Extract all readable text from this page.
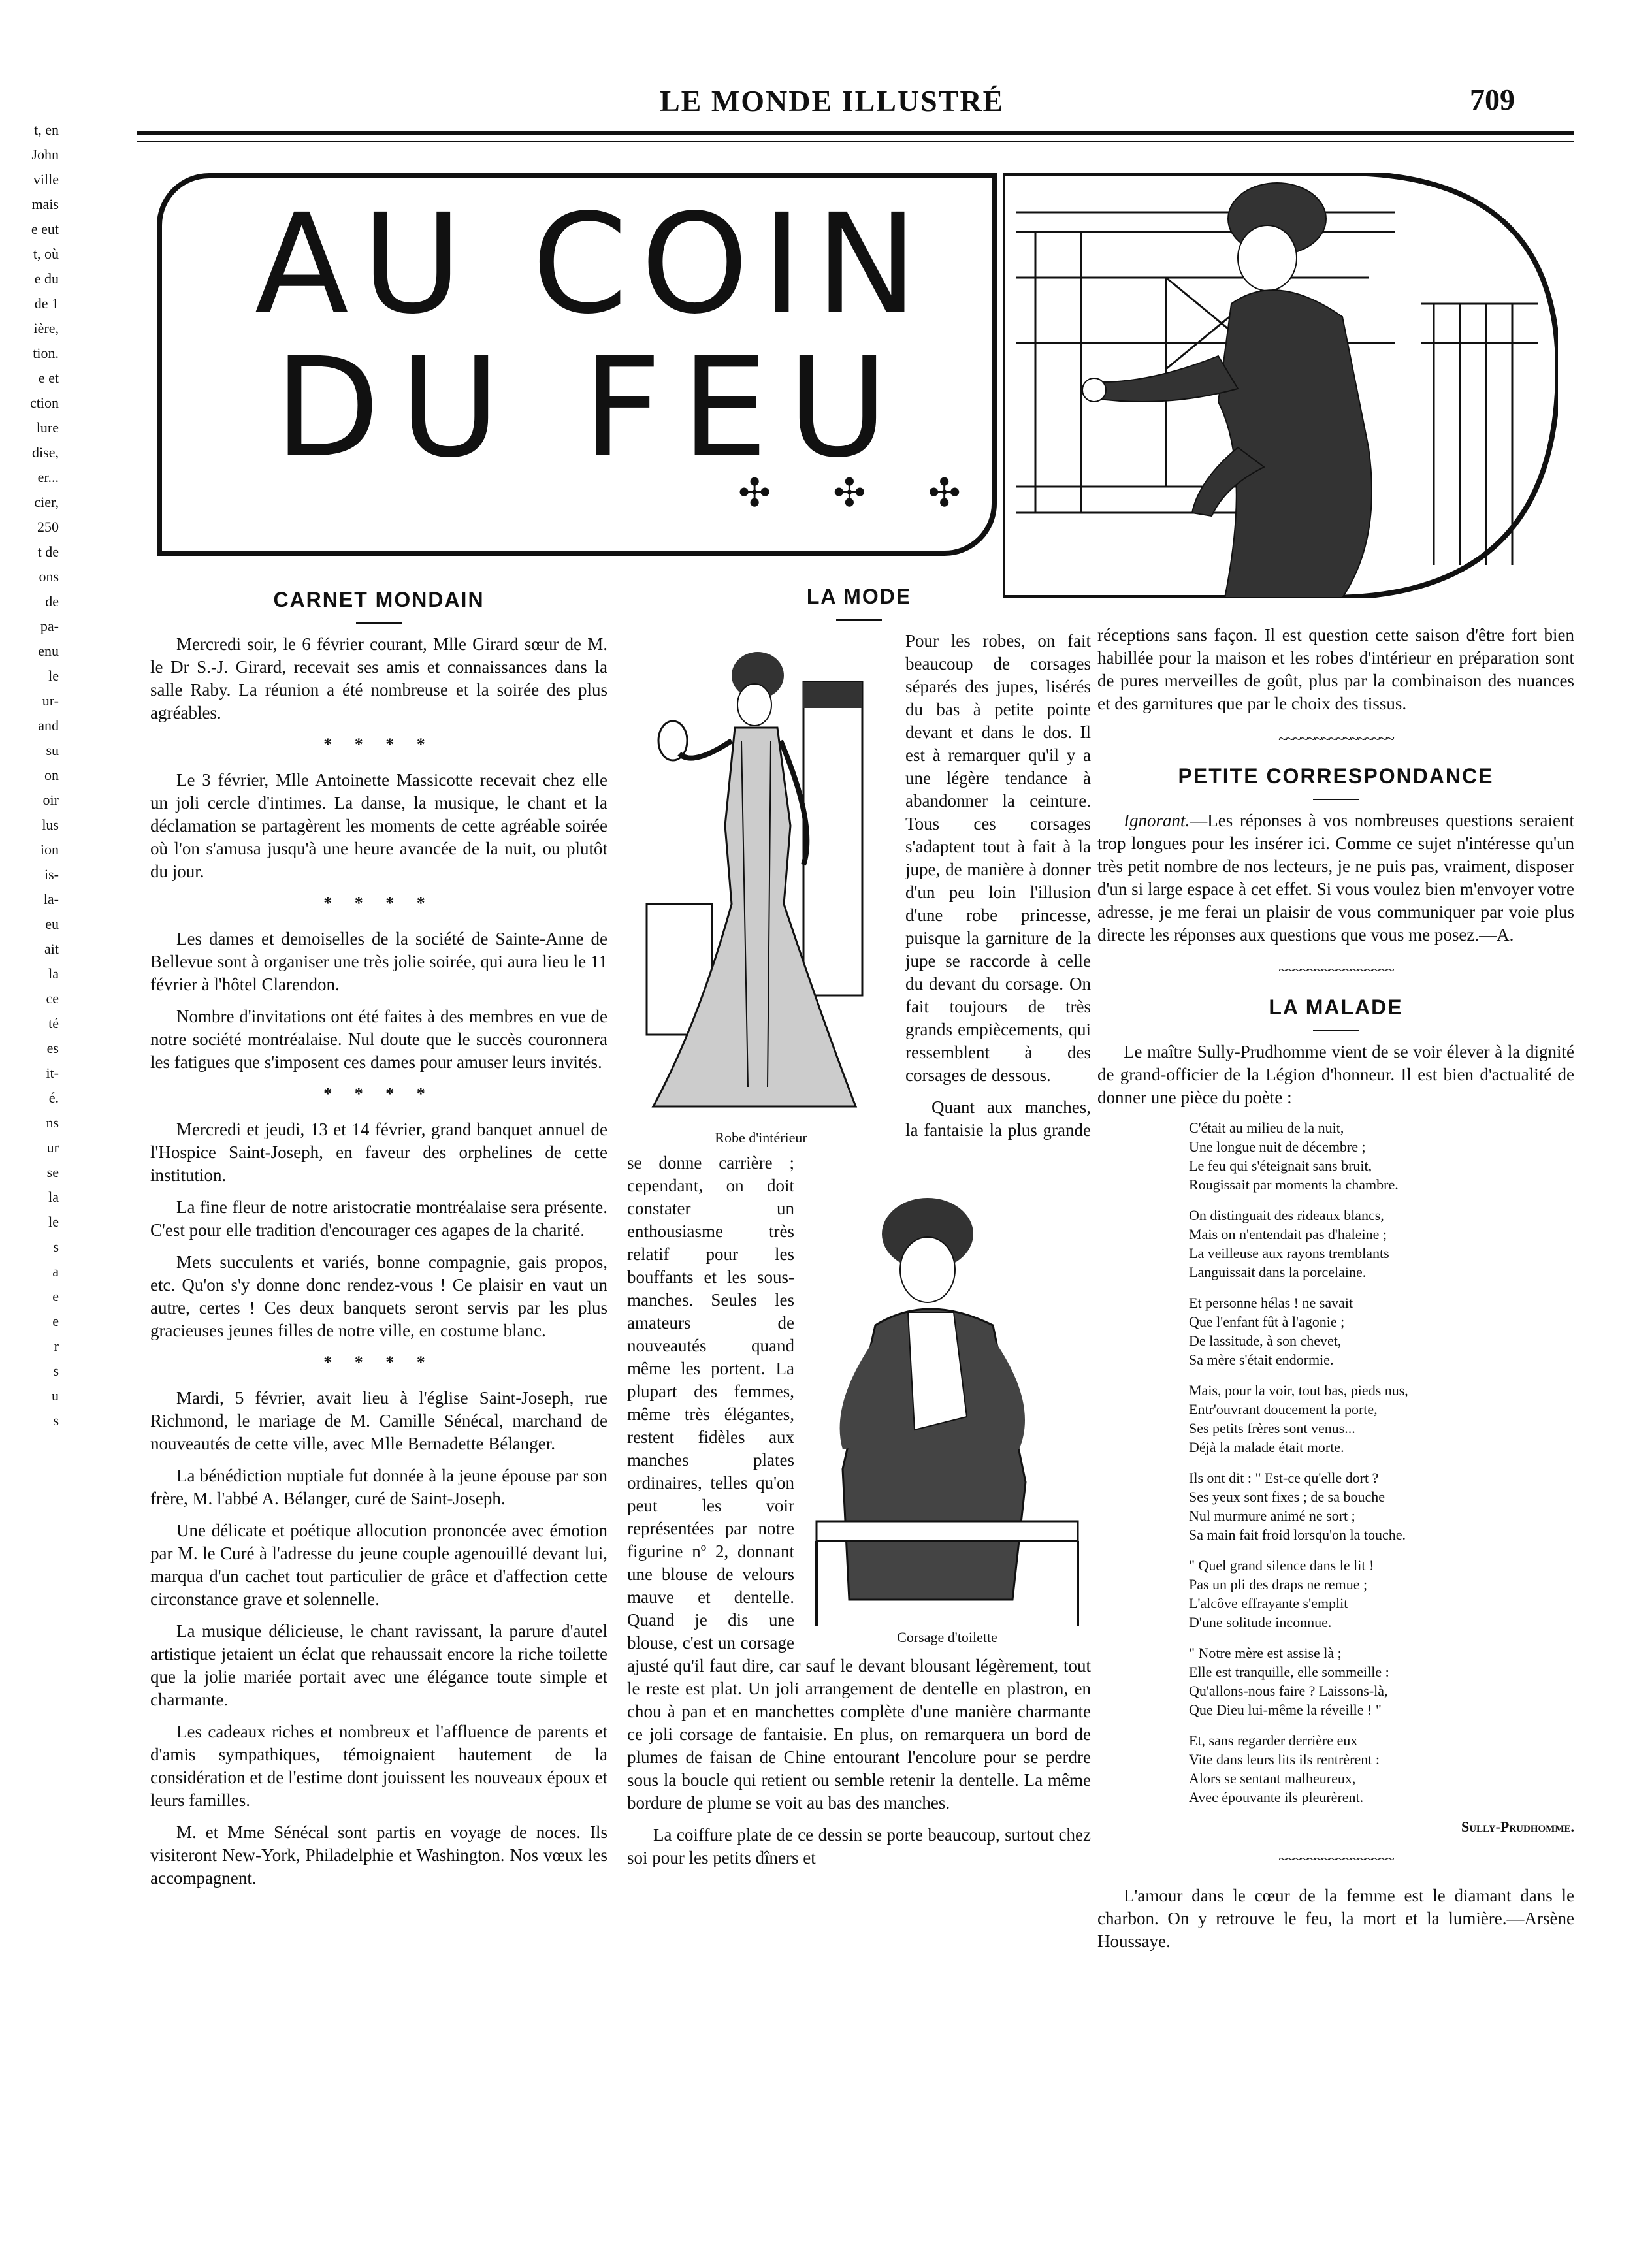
t, en
John
ville
mais
e eut
t, où
e du
de 1
ière,
tion.
e et
ction
lure
dise,
er...
cier,
250
t de
ons
de
pa-
enu
le
ur-
and
su
on
oir
lus
ion
is-
la-
eu
ait
la
ce
té
es
it-
é.
ns
ur
se
la
le
s
a
e
e
r
s
u
s
LE MONDE ILLUSTRÉ	709
AU COIN
DU FEU
✣ ✣ ✣
CARNET MONDAIN

Mercredi soir, le 6 février courant, Mlle Girard sœur de M. le Dr S.-J. Girard, recevait ses amis et connaissances dans la salle Raby. La réunion a été nombreuse et la soirée des plus agréables.

* * * *

Le 3 février, Mlle Antoinette Massicotte recevait chez elle un joli cercle d'intimes. La danse, la musique, le chant et la déclamation se partagèrent les moments de cette agréable soirée où l'on s'amusa jusqu'à une heure avancée de la nuit, ou plutôt du jour.

* * * *

Les dames et demoiselles de la société de Sainte-Anne de Bellevue sont à organiser une très jolie soirée, qui aura lieu le 11 février à l'hôtel Clarendon.

Nombre d'invitations ont été faites à des membres en vue de notre société montréalaise. Nul doute que le succès couronnera les fatigues que s'imposent ces dames pour amuser leurs invités.

* * * *

Mercredi et jeudi, 13 et 14 février, grand banquet annuel de l'Hospice Saint-Joseph, en faveur des orphelines de cette institution.

La fine fleur de notre aristocratie montréalaise sera présente. C'est pour elle tradition d'encourager ces agapes de la charité.

Mets succulents et variés, bonne compagnie, gais propos, etc. Qu'on s'y donne donc rendez-vous ! Ce plaisir en vaut un autre, certes ! Ces deux banquets seront servis par les plus gracieuses jeunes filles de notre ville, en costume blanc.

* * * *

Mardi, 5 février, avait lieu à l'église Saint-Joseph, rue Richmond, le mariage de M. Camille Sénécal, marchand de nouveautés de cette ville, avec Mlle Bernadette Bélanger.

La bénédiction nuptiale fut donnée à la jeune épouse par son frère, M. l'abbé A. Bélanger, curé de Saint-Joseph.

Une délicate et poétique allocution prononcée avec émotion par M. le Curé à l'adresse du jeune couple agenouillé devant lui, marqua d'un cachet tout particulier de grâce et d'affection cette circonstance grave et solennelle.

La musique délicieuse, le chant ravissant, la parure d'autel artistique jetaient un éclat que rehaussait encore la riche toilette que la jolie mariée portait avec une élégance toute simple et charmante.

Les cadeaux riches et nombreux et l'affluence de parents et d'amis sympathiques, témoignaient hautement de la considération et de l'estime dont jouissent les nouveaux époux et leurs familles.

M. et Mme Sénécal sont partis en voyage de noces. Ils visiteront New-York, Philadelphie et Washington. Nos vœux les accompagnent.

LA MODE
Robe d'intérieur

Pour les robes, on fait beaucoup de corsages séparés des jupes, lisérés du bas à petite pointe devant et dans le dos. Il est à remarquer qu'il y a une légère tendance à abandonner la ceinture. Tous ces corsages s'adaptent tout à fait à la jupe, de manière à donner d'un peu loin l'illusion d'une robe princesse, puisque la garniture de la jupe se raccorde à celle du devant du corsage. On fait toujours de très grands empiècements, qui ressemblent à des corsages de dessous.

Corsage d'toilette

Quant aux manches, la fantaisie la plus grande se donne carrière ; cependant, on doit constater un enthousiasme très relatif pour les bouffants et les sous-manches. Seules les amateurs de nouveautés quand même les portent. La plupart des femmes, même très élégantes, restent fidèles aux manches plates ordinaires, telles qu'on peut les voir représentées par notre figurine nº 2, donnant une blouse de velours mauve et dentelle. Quand je dis une blouse, c'est un corsage ajusté qu'il faut dire, car sauf le devant blousant légèrement, tout le reste est plat. Un joli arrangement de dentelle en plastron, en chou à pan et en manchettes complète d'une manière charmante ce joli corsage de fantaisie. En plus, on remarquera un bord de plumes de faisan de Chine entourant l'encolure pour se perdre sous la boucle qui retient ou semble retenir la dentelle. La même bordure de plume se voit au bas des manches.

La coiffure plate de ce dessin se porte beaucoup, surtout chez soi pour les petits dîners et

réceptions sans façon. Il est question cette saison d'être fort bien habillée pour la maison et les robes d'intérieur en préparation sont de pures merveilles de goût, plus par la combinaison des nuances et des garnitures que par le choix des tissus.

~~~~~~~~~~~~~~~~
PETITE CORRESPONDANCE

Ignorant.—Les réponses à vos nombreuses questions seraient trop longues pour les insérer ici. Comme ce sujet n'intéresse qu'un très petit nombre de nos lecteurs, je ne puis pas, vraiment, disposer d'un si large espace à cet effet. Si vous voulez bien m'envoyer votre adresse, je me ferai un plaisir de vous communiquer par voie plus directe les réponses aux questions que vous me posez.—A.

~~~~~~~~~~~~~~~~
LA MALADE

Le maître Sully-Prudhomme vient de se voir élever à la dignité de grand-officier de la Légion d'honneur. Il est bien d'actualité de donner une pièce du poète :

C'était au milieu de la nuit,
Une longue nuit de décembre ;
Le feu qui s'éteignait sans bruit,
Rougissait par moments la chambre.
On distinguait des rideaux blancs,
Mais on n'entendait pas d'haleine ;
La veilleuse aux rayons tremblants
Languissait dans la porcelaine.
Et personne hélas ! ne savait
Que l'enfant fût à l'agonie ;
De lassitude, à son chevet,
Sa mère s'était endormie.
Mais, pour la voir, tout bas, pieds nus,
Entr'ouvrant doucement la porte,
Ses petits frères sont venus...
Déjà la malade était morte.
Ils ont dit : " Est-ce qu'elle dort ?
Ses yeux sont fixes ; de sa bouche
Nul murmure animé ne sort ;
Sa main fait froid lorsqu'on la touche.
" Quel grand silence dans le lit !
Pas un pli des draps ne remue ;
L'alcôve effrayante s'emplit
D'une solitude inconnue.
" Notre mère est assise là ;
Elle est tranquille, elle sommeille :
Qu'allons-nous faire ? Laissons-là,
Que Dieu lui-même la réveille ! "
Et, sans regarder derrière eux
Vite dans leurs lits ils rentrèrent :
Alors se sentant malheureux,
Avec épouvante ils pleurèrent.
Sully-Prudhomme.
~~~~~~~~~~~~~~~~

L'amour dans le cœur de la femme est le diamant dans le charbon. On y retrouve le feu, la mort et la lumière.—Arsène Houssaye.
